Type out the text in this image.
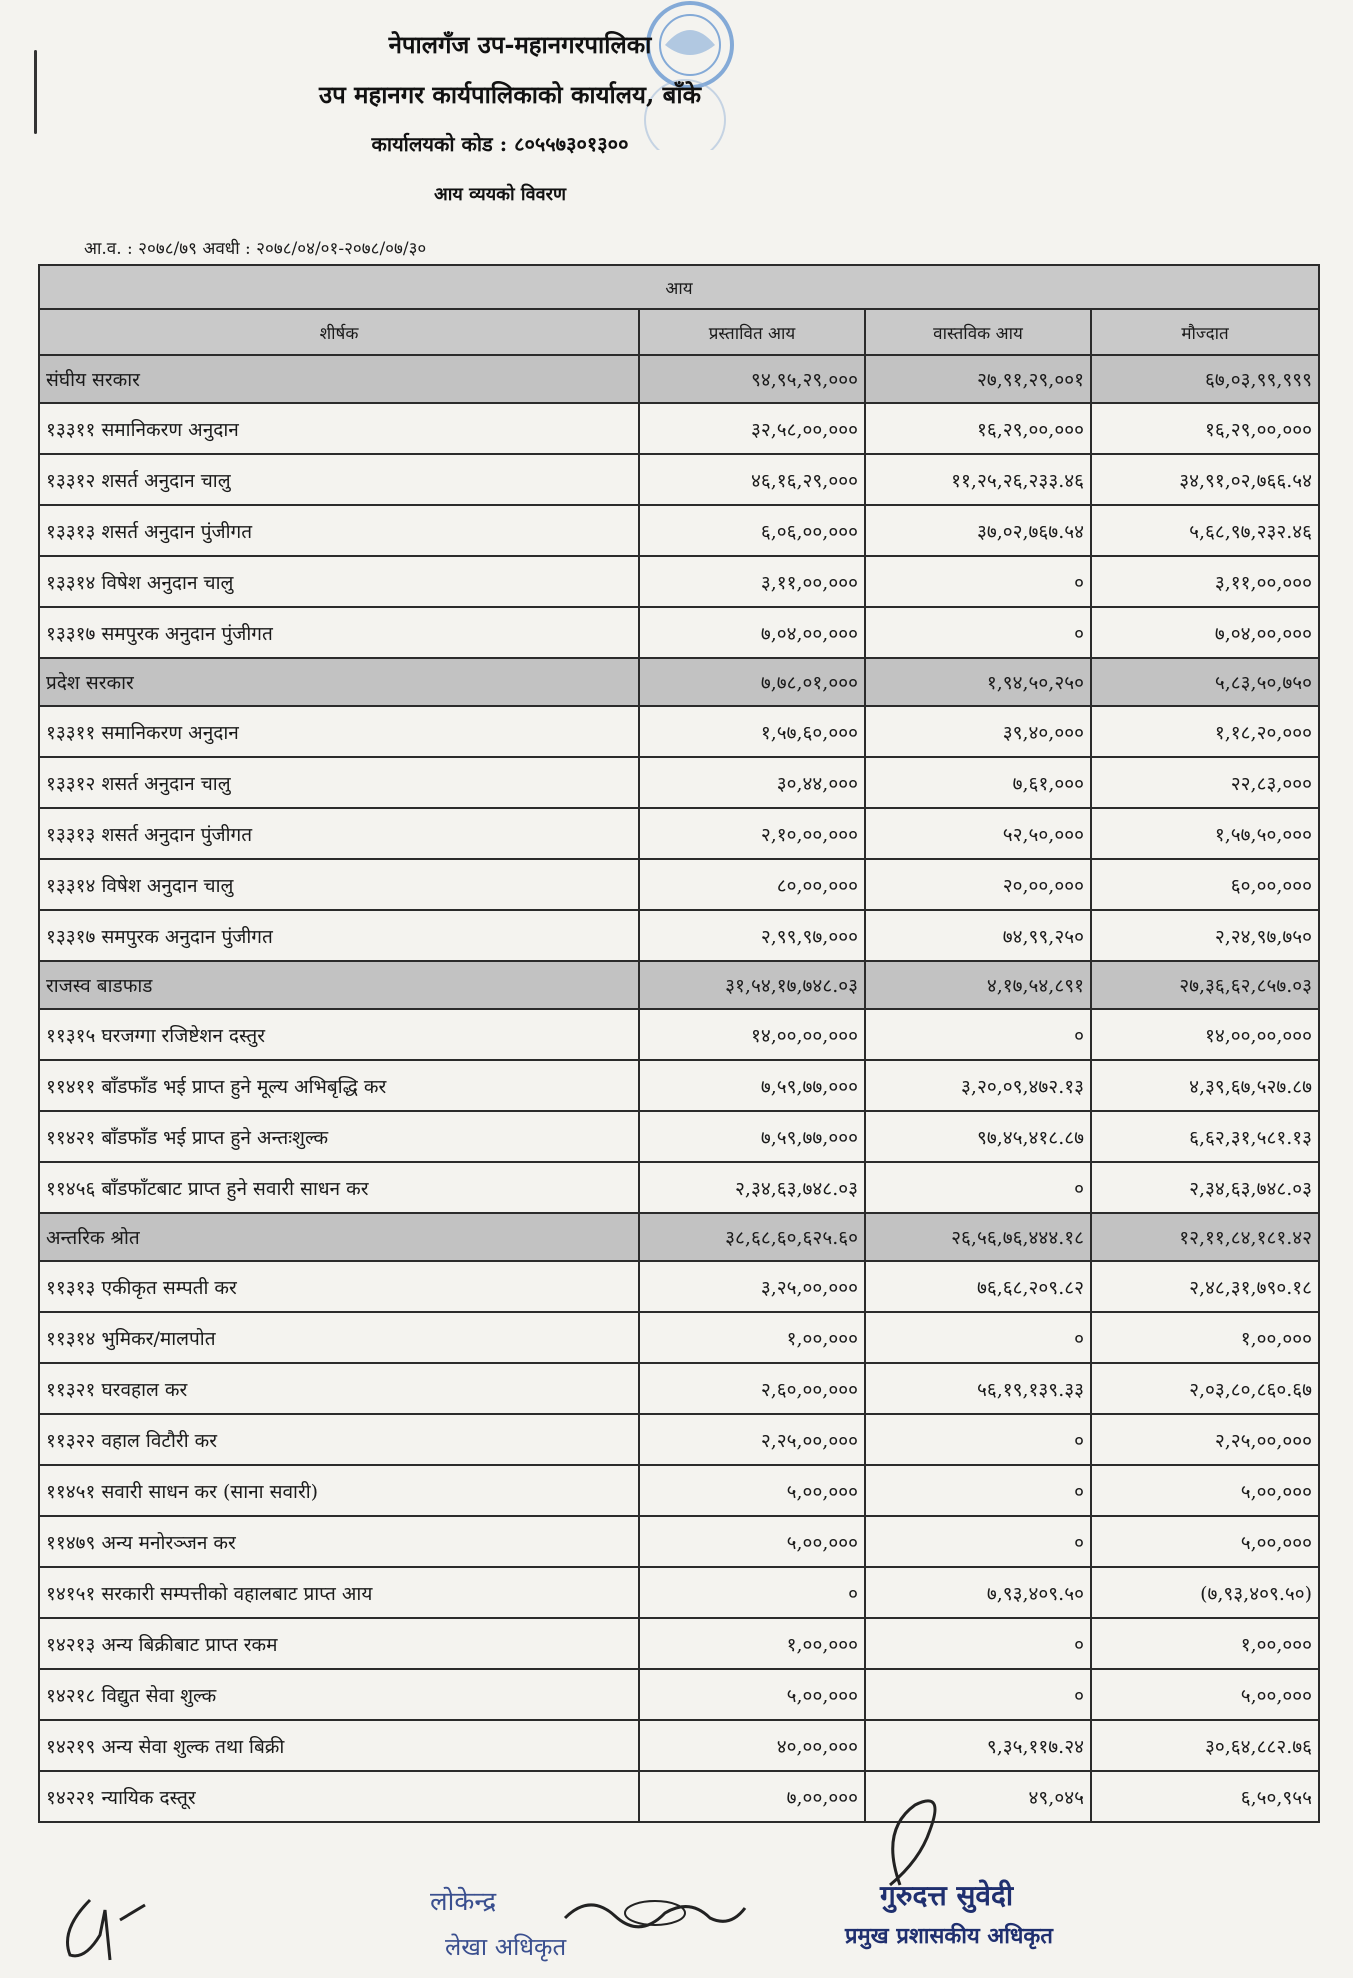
नेपालगँज उप-महानगरपालिका
उप महानगर कार्यपालिकाको कार्यालय, बाँके
कार्यालयको कोड : ८०५५७३०१३००
आय व्ययको विवरण
आ.व. : २०७८/७९ अवधी : २०७८/०४/०१-२०७८/०७/३०
आय			
शीर्षक	प्रस्तावित आय	वास्तविक आय	मौज्दात
संघीय सरकार	९४,९५,२९,०००	२७,९१,२९,००१	६७,०३,९९,९९९
१३३११ समानिकरण अनुदान	३२,५८,००,०००	१६,२९,००,०००	१६,२९,००,०००
१३३१२ शसर्त अनुदान चालु	४६,१६,२९,०००	११,२५,२६,२३३.४६	३४,९१,०२,७६६.५४
१३३१३ शसर्त अनुदान पुंजीगत	६,०६,००,०००	३७,०२,७६७.५४	५,६८,९७,२३२.४६
१३३१४ विषेश अनुदान चालु	३,११,००,०००	०	३,११,००,०००
१३३१७ समपुरक अनुदान पुंजीगत	७,०४,००,०००	०	७,०४,००,०००
प्रदेश सरकार	७,७८,०१,०००	१,९४,५०,२५०	५,८३,५०,७५०
१३३११ समानिकरण अनुदान	१,५७,६०,०००	३९,४०,०००	१,१८,२०,०००
१३३१२ शसर्त अनुदान चालु	३०,४४,०००	७,६१,०००	२२,८३,०००
१३३१३ शसर्त अनुदान पुंजीगत	२,१०,००,०००	५२,५०,०००	१,५७,५०,०००
१३३१४ विषेश अनुदान चालु	८०,००,०००	२०,००,०००	६०,००,०००
१३३१७ समपुरक अनुदान पुंजीगत	२,९९,९७,०००	७४,९९,२५०	२,२४,९७,७५०
राजस्व बाडफाड	३१,५४,१७,७४८.०३	४,१७,५४,८९१	२७,३६,६२,८५७.०३
११३१५ घरजग्गा रजिष्टेशन दस्तुर	१४,००,००,०००	०	१४,००,००,०००
११४११ बाँडफाँड भई प्राप्त हुने मूल्य अभिबृद्धि कर	७,५९,७७,०००	३,२०,०९,४७२.१३	४,३९,६७,५२७.८७
११४२१ बाँडफाँड भई प्राप्त हुने अन्तःशुल्क	७,५९,७७,०००	९७,४५,४१८.८७	६,६२,३१,५८१.१३
११४५६ बाँडफाँटबाट प्राप्त हुने सवारी साधन कर	२,३४,६३,७४८.०३	०	२,३४,६३,७४८.०३
अन्तरिक श्रोत	३८,६८,६०,६२५.६०	२६,५६,७६,४४४.१८	१२,११,८४,१८१.४२
११३१३ एकीकृत सम्पती कर	३,२५,००,०००	७६,६८,२०९.८२	२,४८,३१,७९०.१८
११३१४ भुमिकर/मालपोत	१,००,०००	०	१,००,०००
११३२१ घरवहाल कर	२,६०,००,०००	५६,१९,१३९.३३	२,०३,८०,८६०.६७
११३२२ वहाल विटौरी कर	२,२५,००,०००	०	२,२५,००,०००
११४५१ सवारी साधन कर (साना सवारी)	५,००,०००	०	५,००,०००
११४७९ अन्य मनोरञ्जन कर	५,००,०००	०	५,००,०००
१४१५१ सरकारी सम्पत्तीको वहालबाट प्राप्त आय	०	७,९३,४०९.५०	(७,९३,४०९.५०)
१४२१३ अन्य बिक्रीबाट प्राप्त रकम	१,००,०००	०	१,००,०००
१४२१८ विद्युत सेवा शुल्क	५,००,०००	०	५,००,०००
१४२१९ अन्य सेवा शुल्क तथा बिक्री	४०,००,०००	९,३५,११७.२४	३०,६४,८८२.७६
१४२२१ न्यायिक दस्तूर	७,००,०००	४९,०४५	६,५०,९५५
लोकेन्द्र
लेखा अधिकृत
गुरुदत्त सुवेदी
प्रमुख प्रशासकीय अधिकृत
